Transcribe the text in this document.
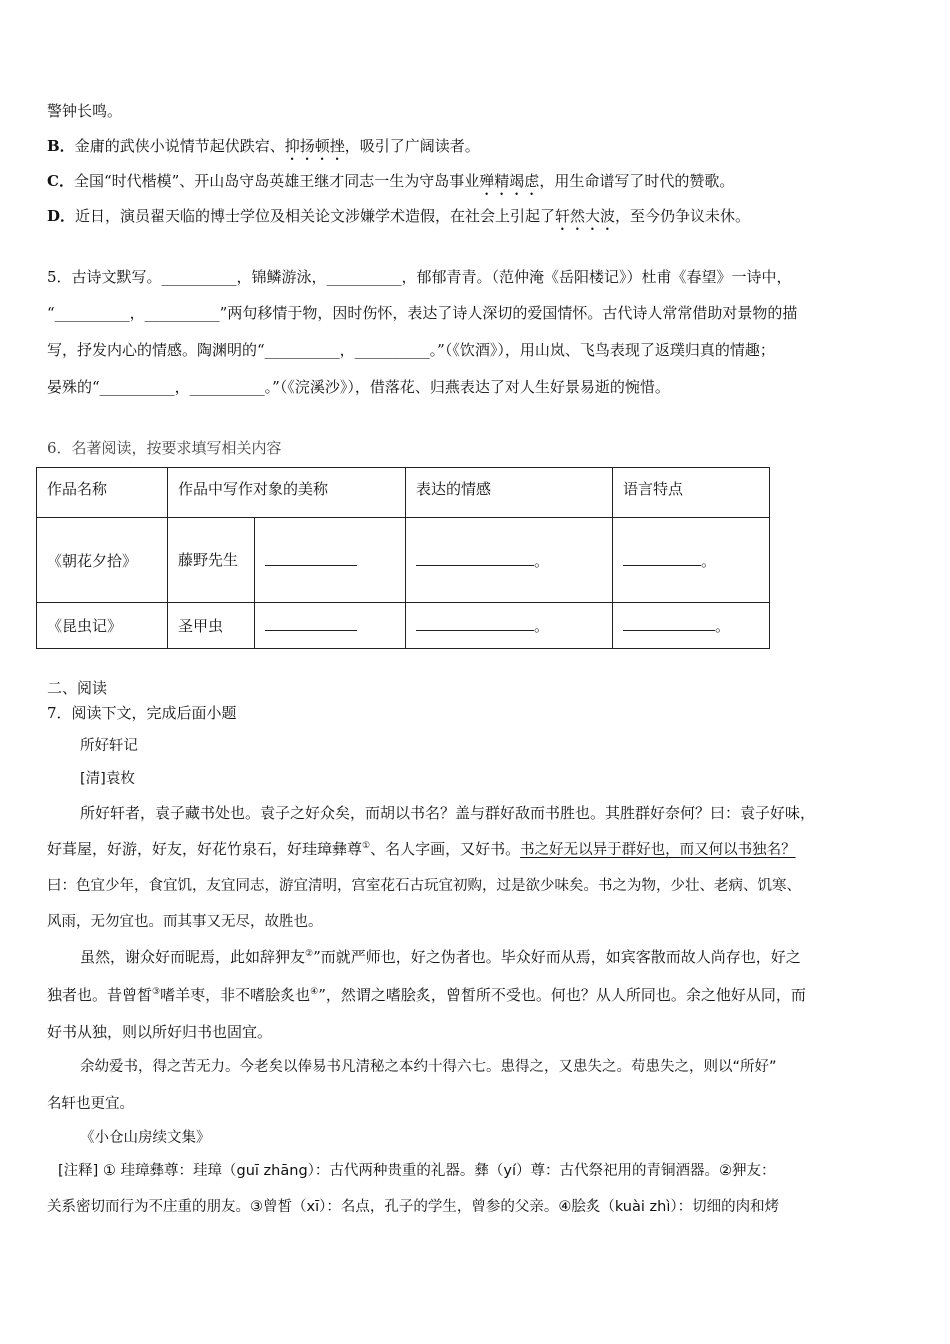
警钟长鸣。
B．金庸的武侠小说情节起伏跌宕、抑扬顿挫，吸引了广阔读者。
C．全国“时代楷模”、开山岛守岛英雄王继才同志一生为守岛事业殚精竭虑，用生命谱写了时代的赞歌。
D．近日，演员翟天临的博士学位及相关论文涉嫌学术造假，在社会上引起了轩然大波，至今仍争议未休。
5．古诗文默写。__________，锦鳞游泳，__________，郁郁青青。（范仲淹《岳阳楼记》）杜甫《春望》一诗中，
“__________，__________”两句移情于物，因时伤怀，表达了诗人深切的爱国情怀。古代诗人常常借助对景物的描
写，抒发内心的情感。陶渊明的“__________，__________。”（《饮酒》），用山岚、飞鸟表现了返璞归真的情趣；
晏殊的“__________，__________。”（《浣溪沙》），借落花、归燕表达了对人生好景易逝的惋惜。
6．名著阅读，按要求填写相关内容
作品名称	作品中写作对象的美称		表达的情感	语言特点
《朝花夕拾》	藤野先生		。	。
《昆虫记》	圣甲虫		。	。
二、阅读
7．阅读下文，完成后面小题
所好轩记
[清]袁枚
所好轩者，袁子藏书处也。袁子之好众矣，而胡以书名？盖与群好敌而书胜也。其胜群好奈何？曰：袁子好味，
好葺屋，好游，好友，好花竹泉石，好珪璋彝尊①、名人字画，又好书。书之好无以异于群好也，而又何以书独名？
曰：色宜少年，食宜饥，友宜同志，游宜清明，宫室花石古玩宜初购，过是欲少味矣。书之为物，少壮、老病、饥寒、
风雨，无勿宜也。而其事又无尽，故胜也。
虽然，谢众好而昵焉，此如辞狎友②”而就严师也，好之伪者也。毕众好而从焉，如宾客散而故人尚存也，好之
独者也。昔曾皙③嗜羊枣，非不嗜脍炙也④”，然谓之嗜脍炙，曾皙所不受也。何也？从人所同也。余之他好从同，而
好书从独，则以所好归书也固宜。
余幼爱书，得之苦无力。今老矣以俸易书凡清秘之本约十得六七。患得之，又患失之。苟患失之，则以“所好”
名轩也更宜。
《小仓山房续文集》
[注释] ① 珪璋彝尊：珪璋（guī zhāng）：古代两种贵重的礼器。彝（yí）尊：古代祭祀用的青铜酒器。②狎友：
关系密切而行为不庄重的朋友。③曾皙（xī）：名点，孔子的学生，曾参的父亲。④脍炙（kuài zhì）：切细的肉和烤
